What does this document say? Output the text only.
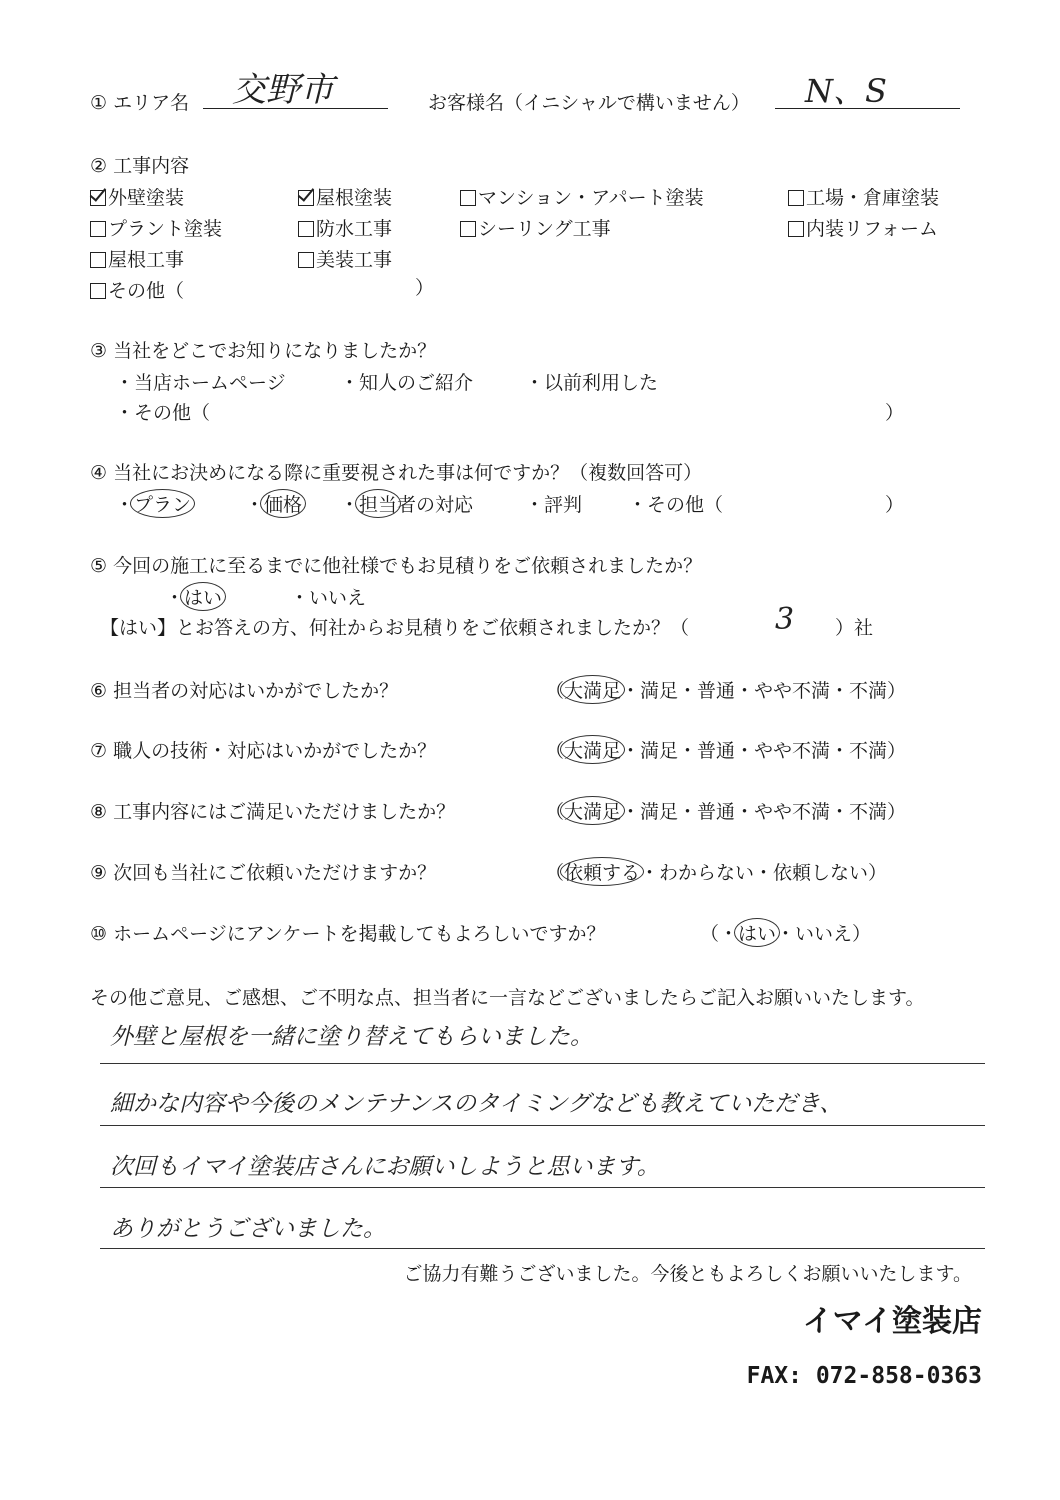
① エリア名 交野市	お客様名（イニシャルで構いません） N、S
② 工事内容
外壁塗装	屋根塗装	マンション・アパート塗装	工場・倉庫塗装
プラント塗装	防水工事	シーリング工事	内装リフォーム
屋根工事	美装工事
その他（	）
③ 当社をどこでお知りになりましたか？
・当店ホームページ	・知人のご紹介	・以前利用した
・その他（	）
④ 当社にお決めになる際に重要視された事は何ですか？（複数回答可）
・プラン	・価格 ・担当者の対応	・評判 ・その他（	）
⑤ 今回の施工に至るまでに他社様でもお見積りをご依頼されましたか？
・はい	・いいえ
【はい】とお答えの方、何社からお見積りをご依頼されましたか？（	3 ）社
⑥ 担当者の対応はいかがでしたか？	（大満足・満足・普通・やや不満・不満）
⑦ 職人の技術・対応はいかがでしたか？	（大満足・満足・普通・やや不満・不満）
⑧ 工事内容にはご満足いただけましたか？	（大満足・満足・普通・やや不満・不満）
⑨ 次回も当社にご依頼いただけますか？	（依頼する・わからない・依頼しない）
⑩ ホームページにアンケートを掲載してもよろしいですか？	（・はい・いいえ）
その他ご意見、ご感想、ご不明な点、担当者に一言などございましたらご記入お願いいたします。
外壁と屋根を一緒に塗り替えてもらいました。
細かな内容や今後のメンテナンスのタイミングなども教えていただき、
次回もイマイ塗装店さんにお願いしようと思います。
ありがとうございました。
ご協力有難うございました。今後ともよろしくお願いいたします。
イマイ塗装店
FAX: 072-858-0363
